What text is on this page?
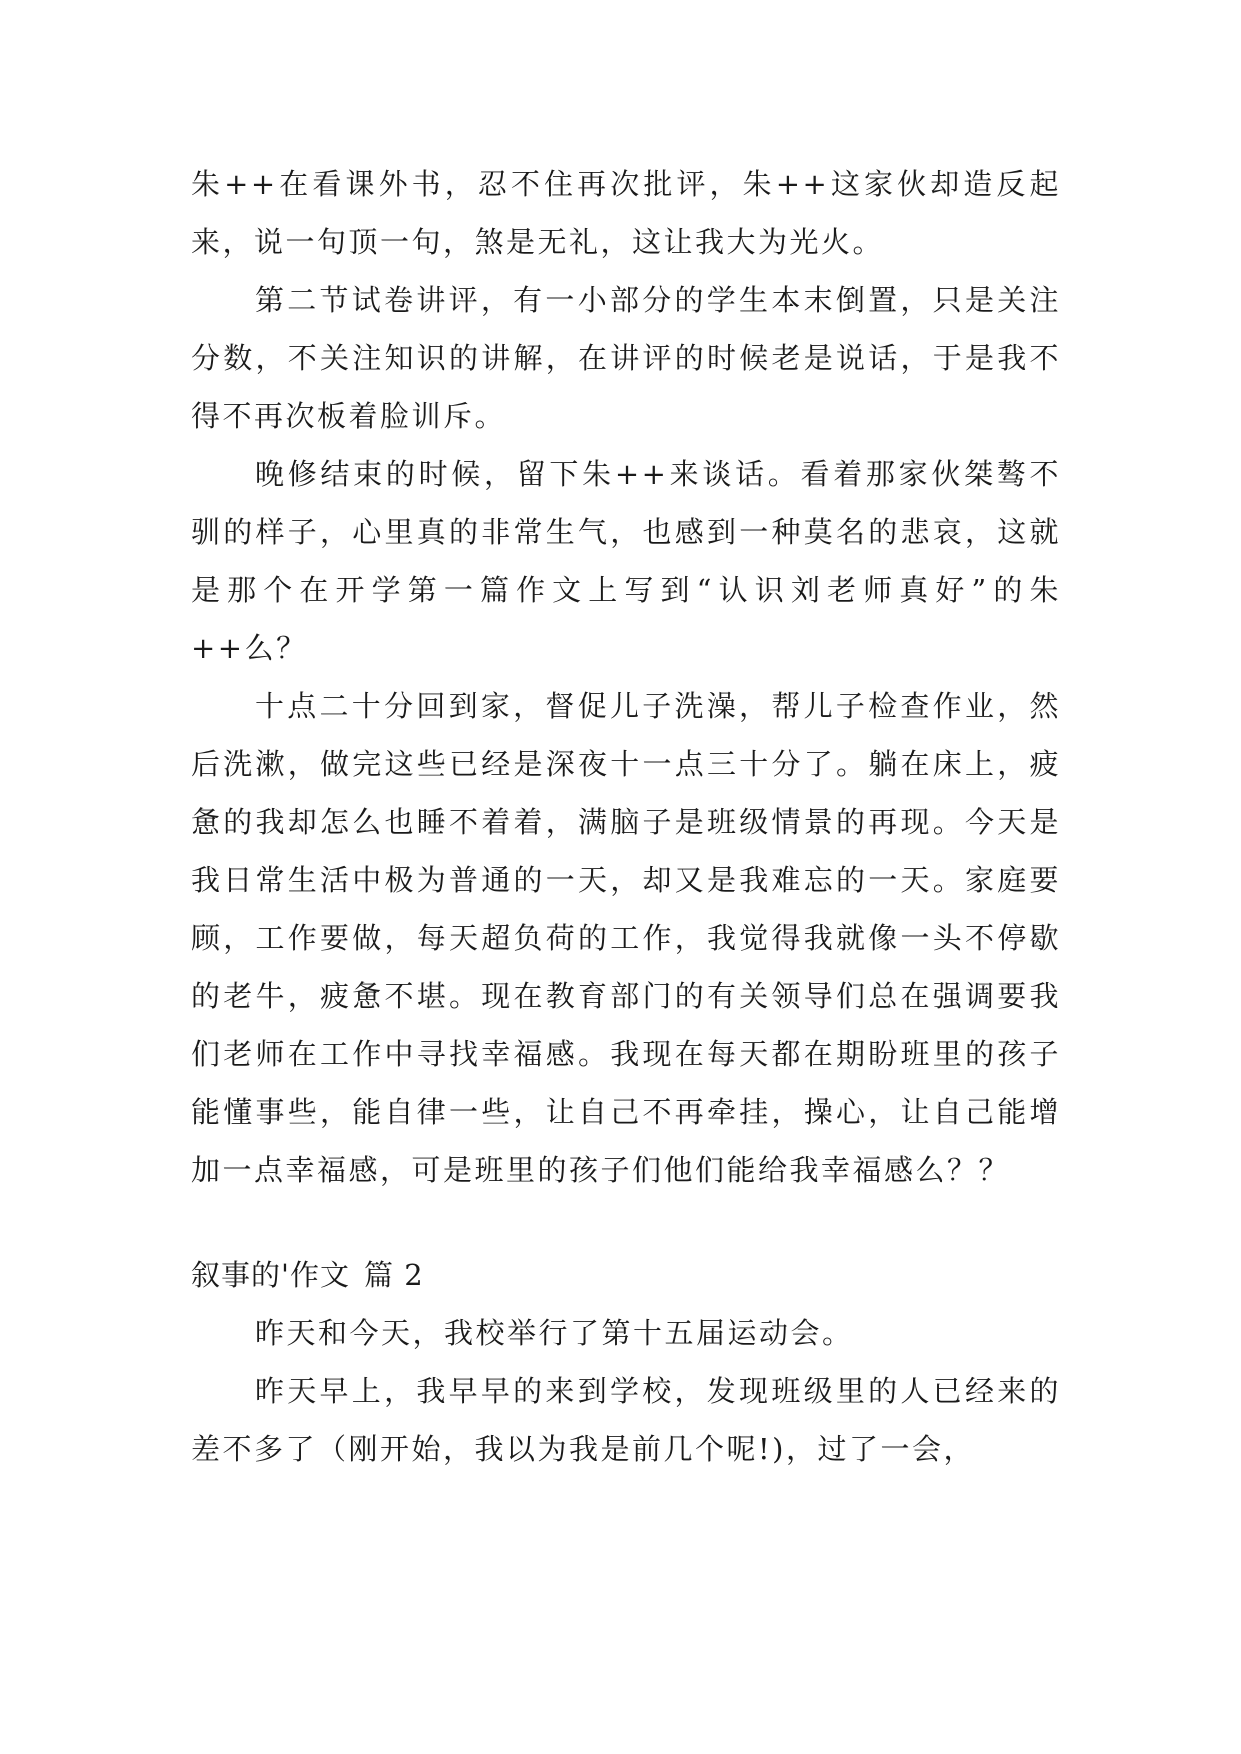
朱++在看课外书，忍不住再次批评，朱++这家伙却造反起来，说一句顶一句，煞是无礼，这让我大为光火。

第二节试卷讲评，有一小部分的学生本末倒置，只是关注分数，不关注知识的讲解，在讲评的时候老是说话，于是我不得不再次板着脸训斥。

晚修结束的时候，留下朱++来谈话。看着那家伙桀骜不驯的样子，心里真的非常生气，也感到一种莫名的悲哀，这就是那个在开学第一篇作文上写到“认识刘老师真好”的朱++么？

十点二十分回到家，督促儿子洗澡，帮儿子检查作业，然后洗漱，做完这些已经是深夜十一点三十分了。躺在床上，疲惫的我却怎么也睡不着着，满脑子是班级情景的再现。今天是我日常生活中极为普通的一天，却又是我难忘的一天。家庭要顾，工作要做，每天超负荷的工作，我觉得我就像一头不停歇的老牛，疲惫不堪。现在教育部门的有关领导们总在强调要我们老师在工作中寻找幸福感。我现在每天都在期盼班里的孩子能懂事些，能自律一些，让自己不再牵挂，操心，让自己能增加一点幸福感，可是班里的孩子们他们能给我幸福感么？？

叙事的'作文 篇 2

昨天和今天，我校举行了第十五届运动会。

昨天早上，我早早的来到学校，发现班级里的人已经来的差不多了（刚开始，我以为我是前几个呢!)，过了一会，
